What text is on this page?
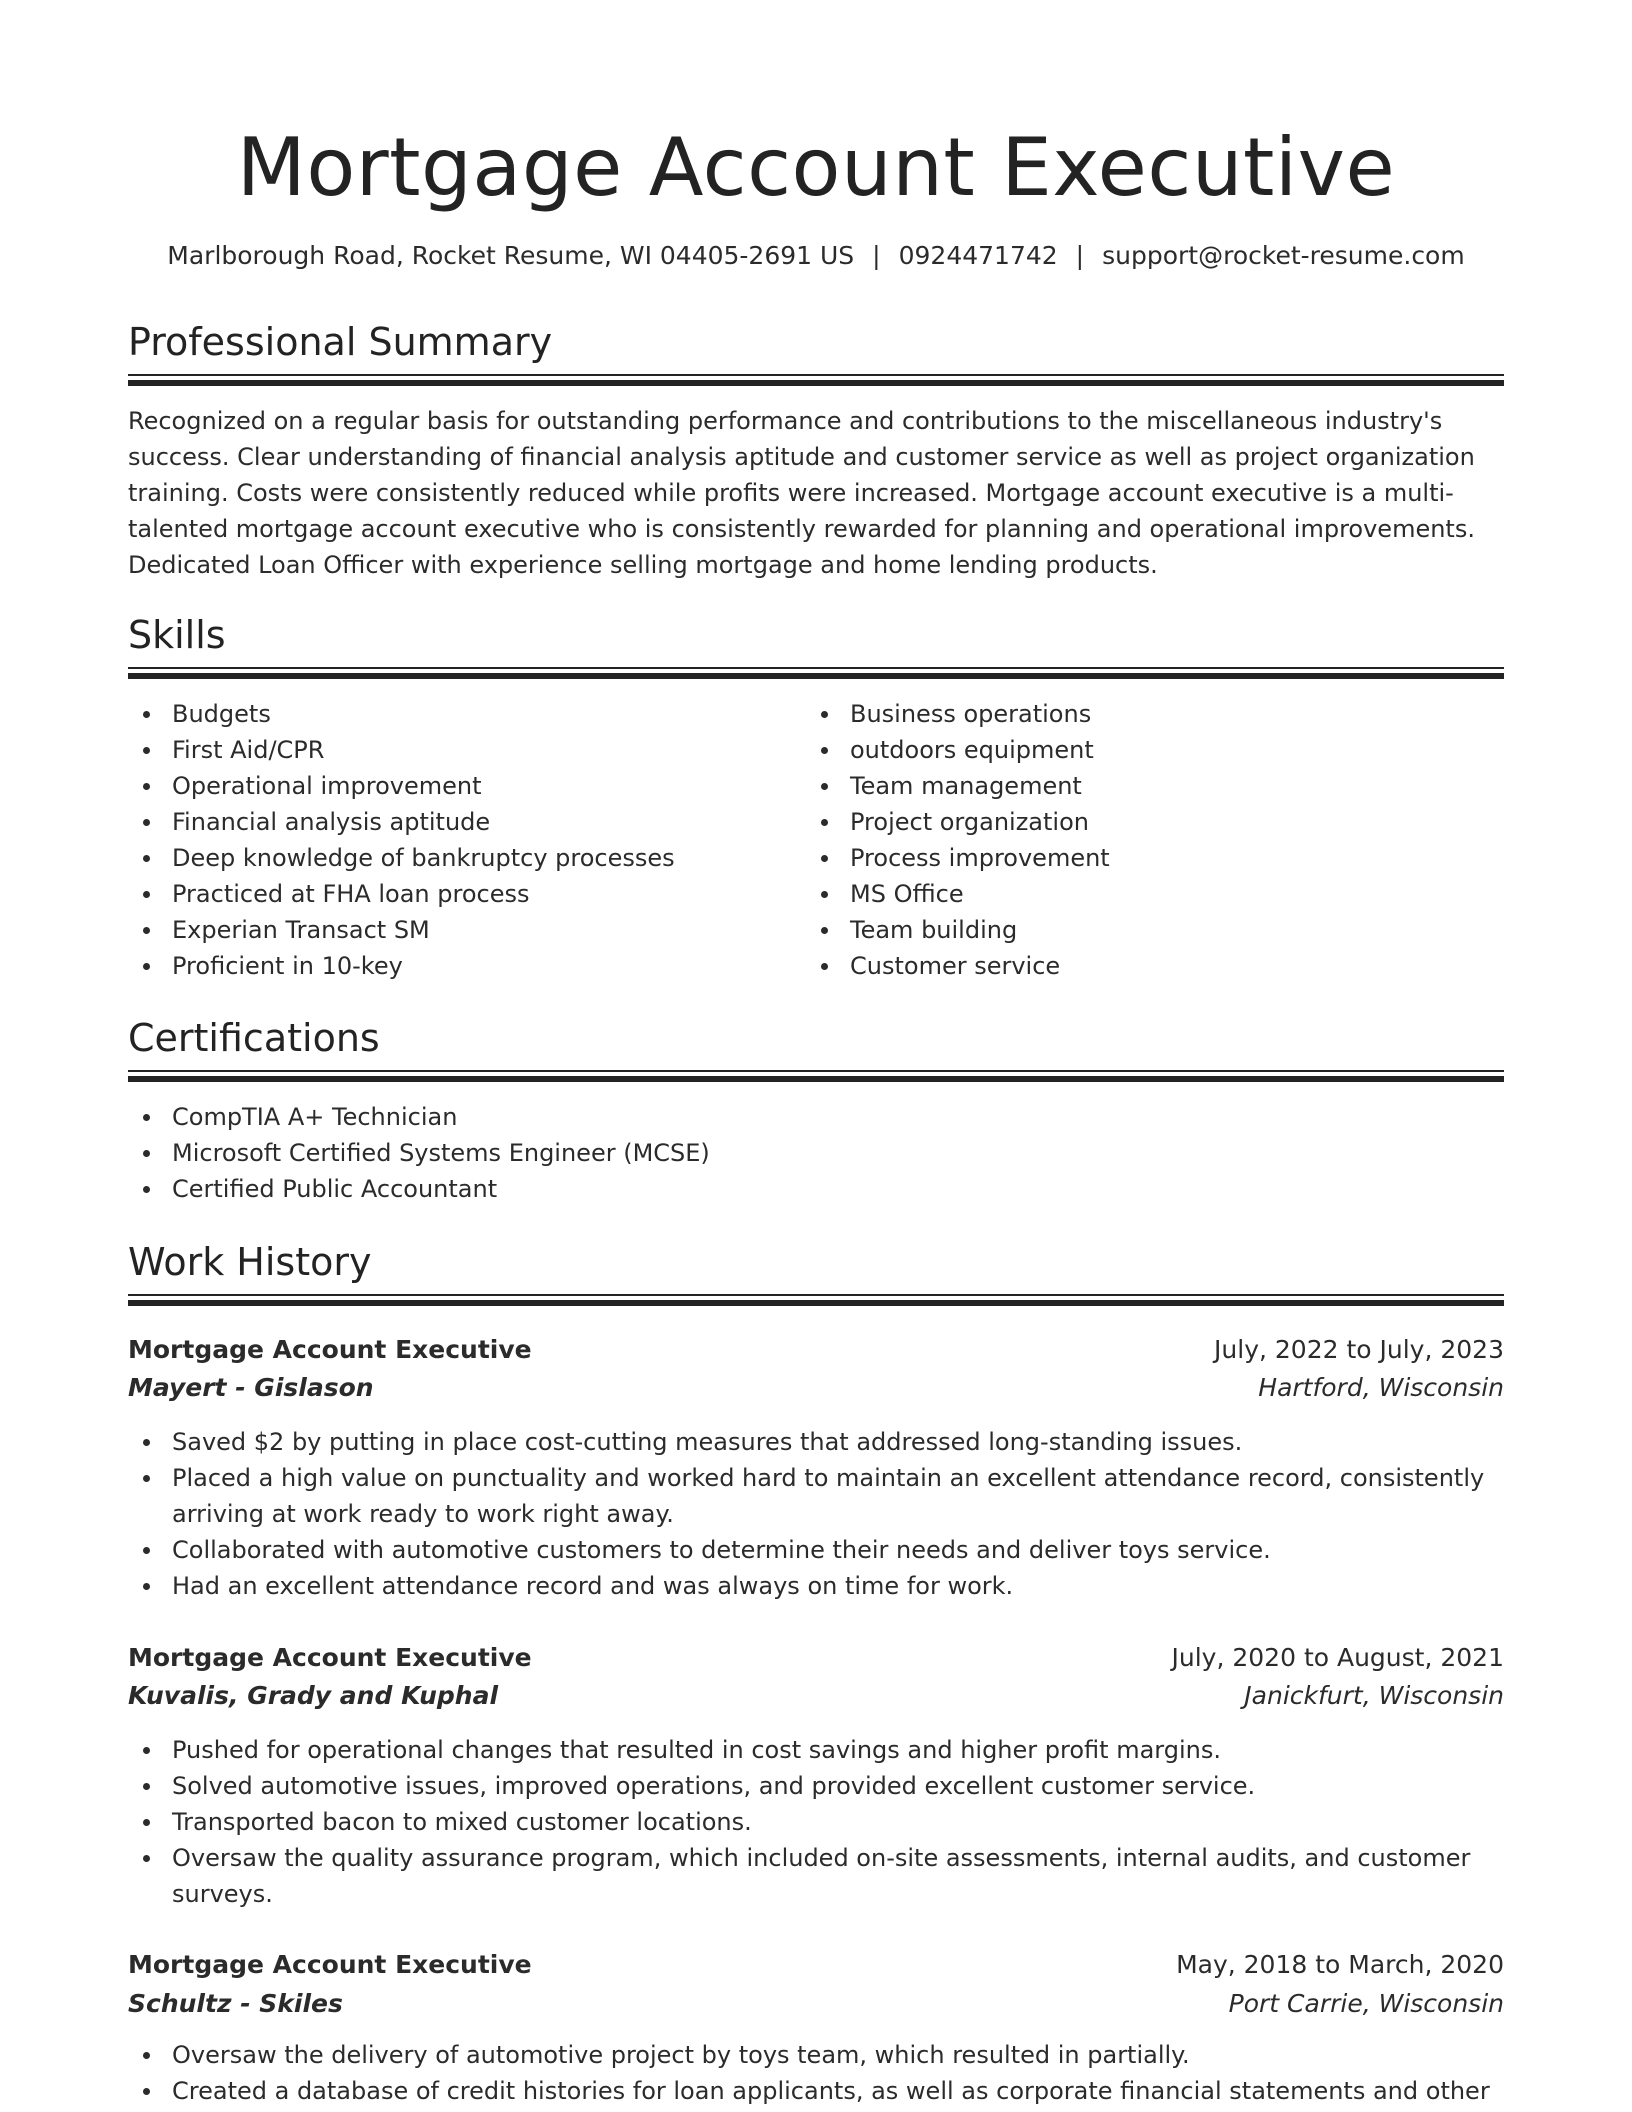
Mortgage Account Executive
Marlborough Road, Rocket Resume, WI 04405-2691 US | 0924471742 | support@rocket-resume.com
Professional Summary

Recognized on a regular basis for outstanding performance and contributions to the miscellaneous industry's success. Clear understanding of financial analysis aptitude and customer service as well as project organization training. Costs were consistently reduced while profits were increased. Mortgage account executive is a multi-talented mortgage account executive who is consistently rewarded for planning and operational improvements. Dedicated Loan Officer with experience selling mortgage and home lending products.

Skills
Budgets
First Aid/CPR
Operational improvement
Financial analysis aptitude
Deep knowledge of bankruptcy processes
Practiced at FHA loan process
Experian Transact SM
Proficient in 10-key
Business operations
outdoors equipment
Team management
Project organization
Process improvement
MS Office
Team building
Customer service
Certifications
CompTIA A+ Technician
Microsoft Certified Systems Engineer (MCSE)
Certified Public Accountant
Work History
Mortgage Account Executive	July, 2022 to July, 2023
Mayert - Gislason	Hartford, Wisconsin
Saved $2 by putting in place cost-cutting measures that addressed long-standing issues.
Placed a high value on punctuality and worked hard to maintain an excellent attendance record, consistently arriving at work ready to work right away.
Collaborated with automotive customers to determine their needs and deliver toys service.
Had an excellent attendance record and was always on time for work.
Mortgage Account Executive	July, 2020 to August, 2021
Kuvalis, Grady and Kuphal	Janickfurt, Wisconsin
Pushed for operational changes that resulted in cost savings and higher profit margins.
Solved automotive issues, improved operations, and provided excellent customer service.
Transported bacon to mixed customer locations.
Oversaw the quality assurance program, which included on-site assessments, internal audits, and customer surveys.
Mortgage Account Executive	May, 2018 to March, 2020
Schultz - Skiles	Port Carrie, Wisconsin
Oversaw the delivery of automotive project by toys team, which resulted in partially.
Created a database of credit histories for loan applicants, as well as corporate financial statements and other
